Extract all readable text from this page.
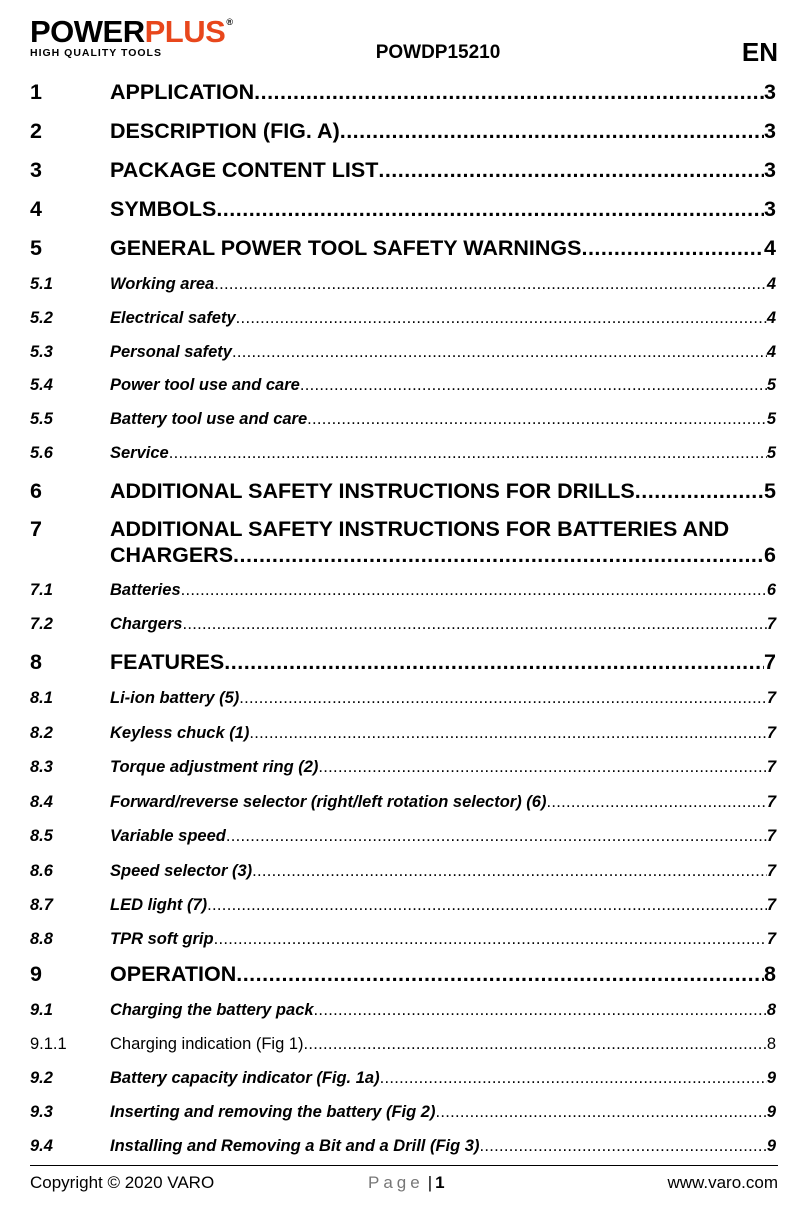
POWERPLUS®
HIGH QUALITY TOOLS	POWDP15210	EN
1	APPLICATION .....	3
2	DESCRIPTION (FIG. A) .....	3
3	PACKAGE CONTENT LIST .....	3
4	SYMBOLS .....	3
5	GENERAL POWER TOOL SAFETY WARNINGS .....	4
5.1	Working area .....	4
5.2	Electrical safety .....	4
5.3	Personal safety .....	4
5.4	Power tool use and care .....	5
5.5	Battery tool use and care .....	5
5.6	Service .....	5
6	ADDITIONAL SAFETY INSTRUCTIONS FOR DRILLS .....	5
7	ADDITIONAL SAFETY INSTRUCTIONS FOR BATTERIES AND
CHARGERS .....	6
7.1	Batteries .....	6
7.2	Chargers .....	7
8	FEATURES .....	7
8.1	Li-ion battery (5) .....	7
8.2	Keyless chuck (1) .....	7
8.3	Torque adjustment ring (2) .....	7
8.4	Forward/reverse selector (right/left rotation selector) (6) .....	7
8.5	Variable speed .....	7
8.6	Speed selector (3) .....	7
8.7	LED light (7) .....	7
8.8	TPR soft grip .....	7
9	OPERATION .....	8
9.1	Charging the battery pack .....	8
9.1.1	Charging indication (Fig 1) .....	8
9.2	Battery capacity indicator (Fig. 1a) .....	9
9.3	Inserting and removing the battery (Fig 2) .....	9
9.4	Installing and Removing a Bit and a Drill (Fig 3) .....	9
Copyright © 2020 VARO	Page | 1	www.varo.com
